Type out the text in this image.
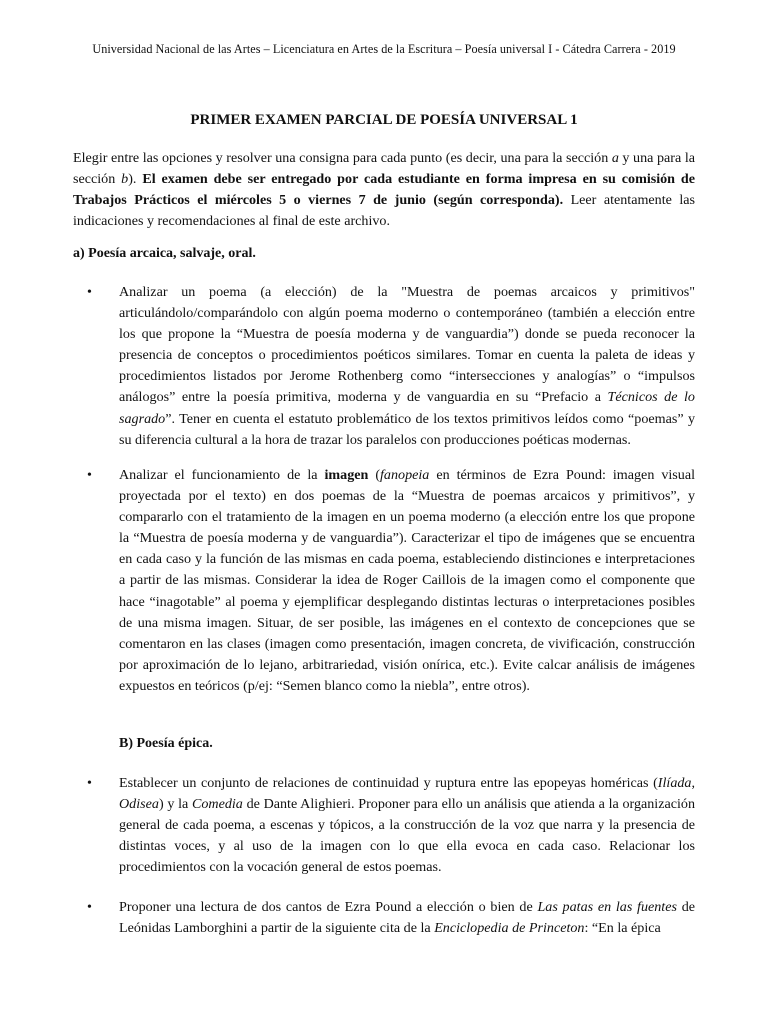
Universidad Nacional de las Artes – Licenciatura en Artes de la Escritura – Poesía universal I - Cátedra Carrera - 2019
PRIMER EXAMEN PARCIAL DE POESÍA UNIVERSAL 1
Elegir entre las opciones y resolver una consigna para cada punto (es decir, una para la sección a y una para la sección b). El examen debe ser entregado por cada estudiante en forma impresa en su comisión de Trabajos Prácticos el miércoles 5 o viernes 7 de junio (según corresponda). Leer atentamente las indicaciones y recomendaciones al final de este archivo.
a) Poesía arcaica, salvaje, oral.
• Analizar un poema (a elección) de la "Muestra de poemas arcaicos y primitivos" articulándolo/comparándolo con algún poema moderno o contemporáneo (también a elección entre los que propone la “Muestra de poesía moderna y de vanguardia”) donde se pueda reconocer la presencia de conceptos o procedimientos poéticos similares. Tomar en cuenta la paleta de ideas y procedimientos listados por Jerome Rothenberg como “intersecciones y analogías” o “impulsos análogos” entre la poesía primitiva, moderna y de vanguardia en su “Prefacio a Técnicos de lo sagrado”. Tener en cuenta el estatuto problemático de los textos primitivos leídos como “poemas” y su diferencia cultural a la hora de trazar los paralelos con producciones poéticas modernas.
• Analizar el funcionamiento de la imagen (fanopeia en términos de Ezra Pound: imagen visual proyectada por el texto) en dos poemas de la “Muestra de poemas arcaicos y primitivos”, y compararlo con el tratamiento de la imagen en un poema moderno (a elección entre los que propone la “Muestra de poesía moderna y de vanguardia”). Caracterizar el tipo de imágenes que se encuentra en cada caso y la función de las mismas en cada poema, estableciendo distinciones e interpretaciones a partir de las mismas. Considerar la idea de Roger Caillois de la imagen como el componente que hace “inagotable” al poema y ejemplificar desplegando distintas lecturas o interpretaciones posibles de una misma imagen. Situar, de ser posible, las imágenes en el contexto de concepciones que se comentaron en las clases (imagen como presentación, imagen concreta, de vivificación, construcción por aproximación de lo lejano, arbitrariedad, visión onírica, etc.). Evite calcar análisis de imágenes expuestos en teóricos (p/ej: “Semen blanco como la niebla”, entre otros).
B) Poesía épica.
• Establecer un conjunto de relaciones de continuidad y ruptura entre las epopeyas homéricas (Ilíada, Odisea) y la Comedia de Dante Alighieri. Proponer para ello un análisis que atienda a la organización general de cada poema, a escenas y tópicos, a la construcción de la voz que narra y la presencia de distintas voces, y al uso de la imagen con lo que ella evoca en cada caso. Relacionar los procedimientos con la vocación general de estos poemas.
• Proponer una lectura de dos cantos de Ezra Pound a elección o bien de Las patas en las fuentes de Leónidas Lamborghini a partir de la siguiente cita de la Enciclopedia de Princeton: “En la épica
